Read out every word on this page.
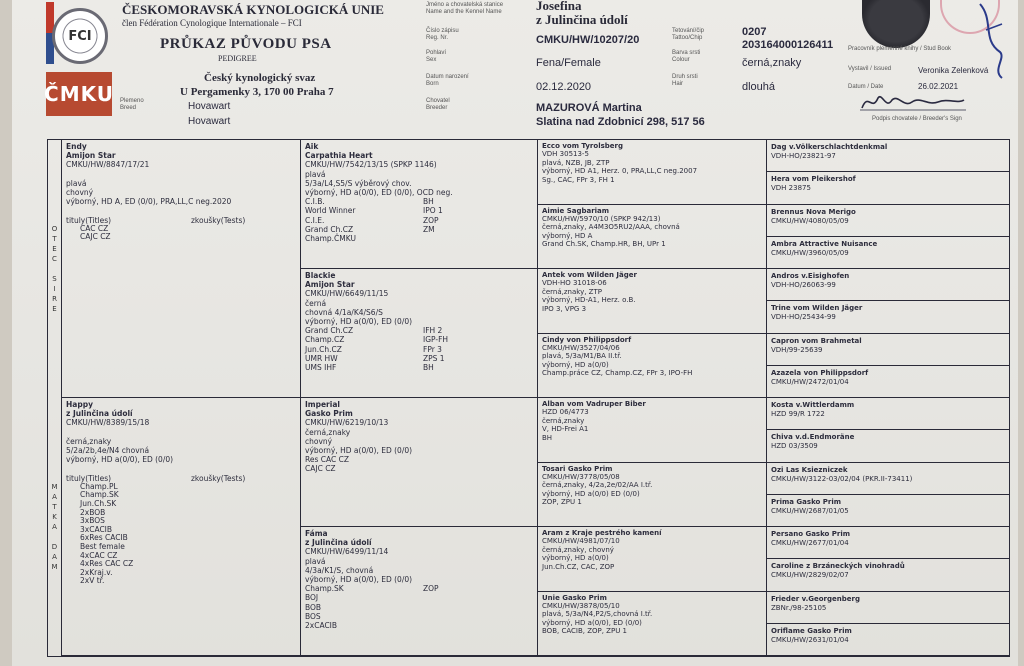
FCI
ČMKU
ČESKOMORAVSKÁ KYNOLOGICKÁ UNIE
člen Fédération Cynologique Internationale – FCI
PRŮKAZ PŮVODU PSA
PEDIGREE
Český kynologický svaz
U Pergamenky 3, 170 00 Praha 7
Plemeno
Breed	Hovawart
Hovawart
Jméno a chovatelská stanice
Name and the Kennel Name	Josefina
z Julinčina údolí
Číslo zápisu
Reg. Nr.	CMKU/HW/10207/20
Tetování/čip
Tattoo/Chip	0207
203164000126411
Pohlaví
Sex	Fena/Female
Barva srsti
Colour	černá,znaky
Datum narození
Born	02.12.2020
Druh srsti
Hair	dlouhá
Chovatel
Breeder	MAZUROVÁ Martina
Slatina nad Zdobnicí 298, 517 56
Pracovník plemenné knihy / Stud Book
Vystavil / Issued	Veronika Zelenková
Datum / Date	26.02.2021
Podpis chovatele / Breeder's Sign
O
T
E
C

S
I
R
E
M
A
T
K
A

D
A
M
Endy
Amijon Star
CMKU/HW/8847/17/21

plavá
chovný
výborný, HD A, ED (0/0), PRA,LL,C neg.2020

tituly(Titles)	zkoušky(Tests)
CAC CZ
CAJC CZ
Happy
z Julinčina údolí
CMKU/HW/8389/15/18

černá,znaky
5/2a/2b,4e/N4 chovná
výborný, HD a(0/0), ED (0/0)

tituly(Titles)	zkoušky(Tests)
Champ.PL
Champ.SK
Jun.Ch.SK
2xBOB
3xBOS
3xCACIB
6xRes CACIB
Best female
4xCAC CZ
4xRes CAC CZ
2xKraj.v.
2xV tř.
Aik
Carpathia Heart
CMKU/HW/7542/13/15 (SPKP 1146)
plavá
5/3a/L4,S5/S výběrový chov.
výborný, HD a(0/0), ED (0/0), OCD neg.
C.I.B.	BH
World Winner	IPO 1
C.I.E.	ZOP
Grand Ch.CZ	ZM
Champ.ČMKU
Blackie
Amijon Star
CMKU/HW/6649/11/15
černá
chovná 4/1a/K4/S6/S
výborný, HD a(0/0), ED (0/0)
Grand Ch.CZ	IFH 2
Champ.CZ	IGP-FH
Jun.Ch.CZ	FPr 3
UMR HW	ZPS 1
UMS IHF	BH
Imperial
Gasko Prim
CMKU/HW/6219/10/13
černá,znaky
chovný
výborný, HD a(0/0), ED (0/0)
Res CAC CZ
CAJC CZ
Fáma
z Julinčina údolí
CMKU/HW/6499/11/14
plavá
4/3a/K1/S, chovná
výborný, HD a(0/0), ED (0/0)
Champ.SK	ZOP
BOJ
BOB
BOS
2xCACIB
Ecco vom Tyrolsberg
VDH 30513-5
plavá, NZB, JB, ZTP
výborný, HD A1, Herz. 0, PRA,LL,C neg.2007
Sg., CAC, FPr 3, FH 1
Aimie Sagbariam
CMKU/HW/5970/10 (SPKP 942/13)
černá,znaky, A4M3O5RU2/AAA, chovná
výborný, HD A
Grand Ch.SK, Champ.HR, BH, UPr 1
Antek vom Wilden Jäger
VDH-HO 31018-06
černá,znaky, ZTP
výborný, HD-A1, Herz. o.B.
IPO 3, VPG 3
Cindy von Philippsdorf
CMKU/HW/3527/04/06
plavá, 5/3a/M1/BA II.tř.
výborný, HD a(0/0)
Champ.práce CZ, Champ.CZ, FPr 3, IPO-FH
Alban vom Vadruper Biber
HZD 06/4773
černá,znaky
V, HD-Frei A1
BH
Tosari Gasko Prim
CMKU/HW/3778/05/08
černá,znaky, 4/2a,2e/02/AA I.tř.
výborný, HD a(0/0) ED (0/0)
ZOP, ZPU 1
Aram z Kraje pestrého kamení
CMKU/HW/4981/07/10
černá,znaky, chovný
výborný, HD a(0/0)
Jun.Ch.CZ, CAC, ZOP
Unie Gasko Prim
CMKU/HW/3878/05/10
plavá, 5/3a/N4,P2/S,chovná I.tř.
výborný, HD a(0/0), ED (0/0)
BOB, CACIB, ZOP, ZPU 1
Dag v.Völkerschlachtdenkmal
VDH-HO/23821-97
Hera vom Pleikershof
VDH 23875
Brennus Nova Merigo
CMKU/HW/4080/05/09
Ambra Attractive Nuisance
CMKU/HW/3960/05/09
Andros v.Eisighofen
VDH-HO/26063-99
Trine vom Wilden Jäger
VDH-HO/25434-99
Capron vom Brahmetal
VDH/99-25639
Azazela von Philippsdorf
CMKU/HW/2472/01/04
Kosta v.Wittlerdamm
HZD 99/R 1722
Chiva v.d.Endmoräne
HZD 03/3509
Ozi Las Ksiezniczek
CMKU/HW/3122-03/02/04 (PKR.II-73411)
Prima Gasko Prim
CMKU/HW/2687/01/05
Persano Gasko Prim
CMKU/HW/2677/01/04
Caroline z Brzáneckých vinohradů
CMKU/HW/2829/02/07
Frieder v.Georgenberg
ZBNr./98-25105
Oriflame Gasko Prim
CMKU/HW/2631/01/04
